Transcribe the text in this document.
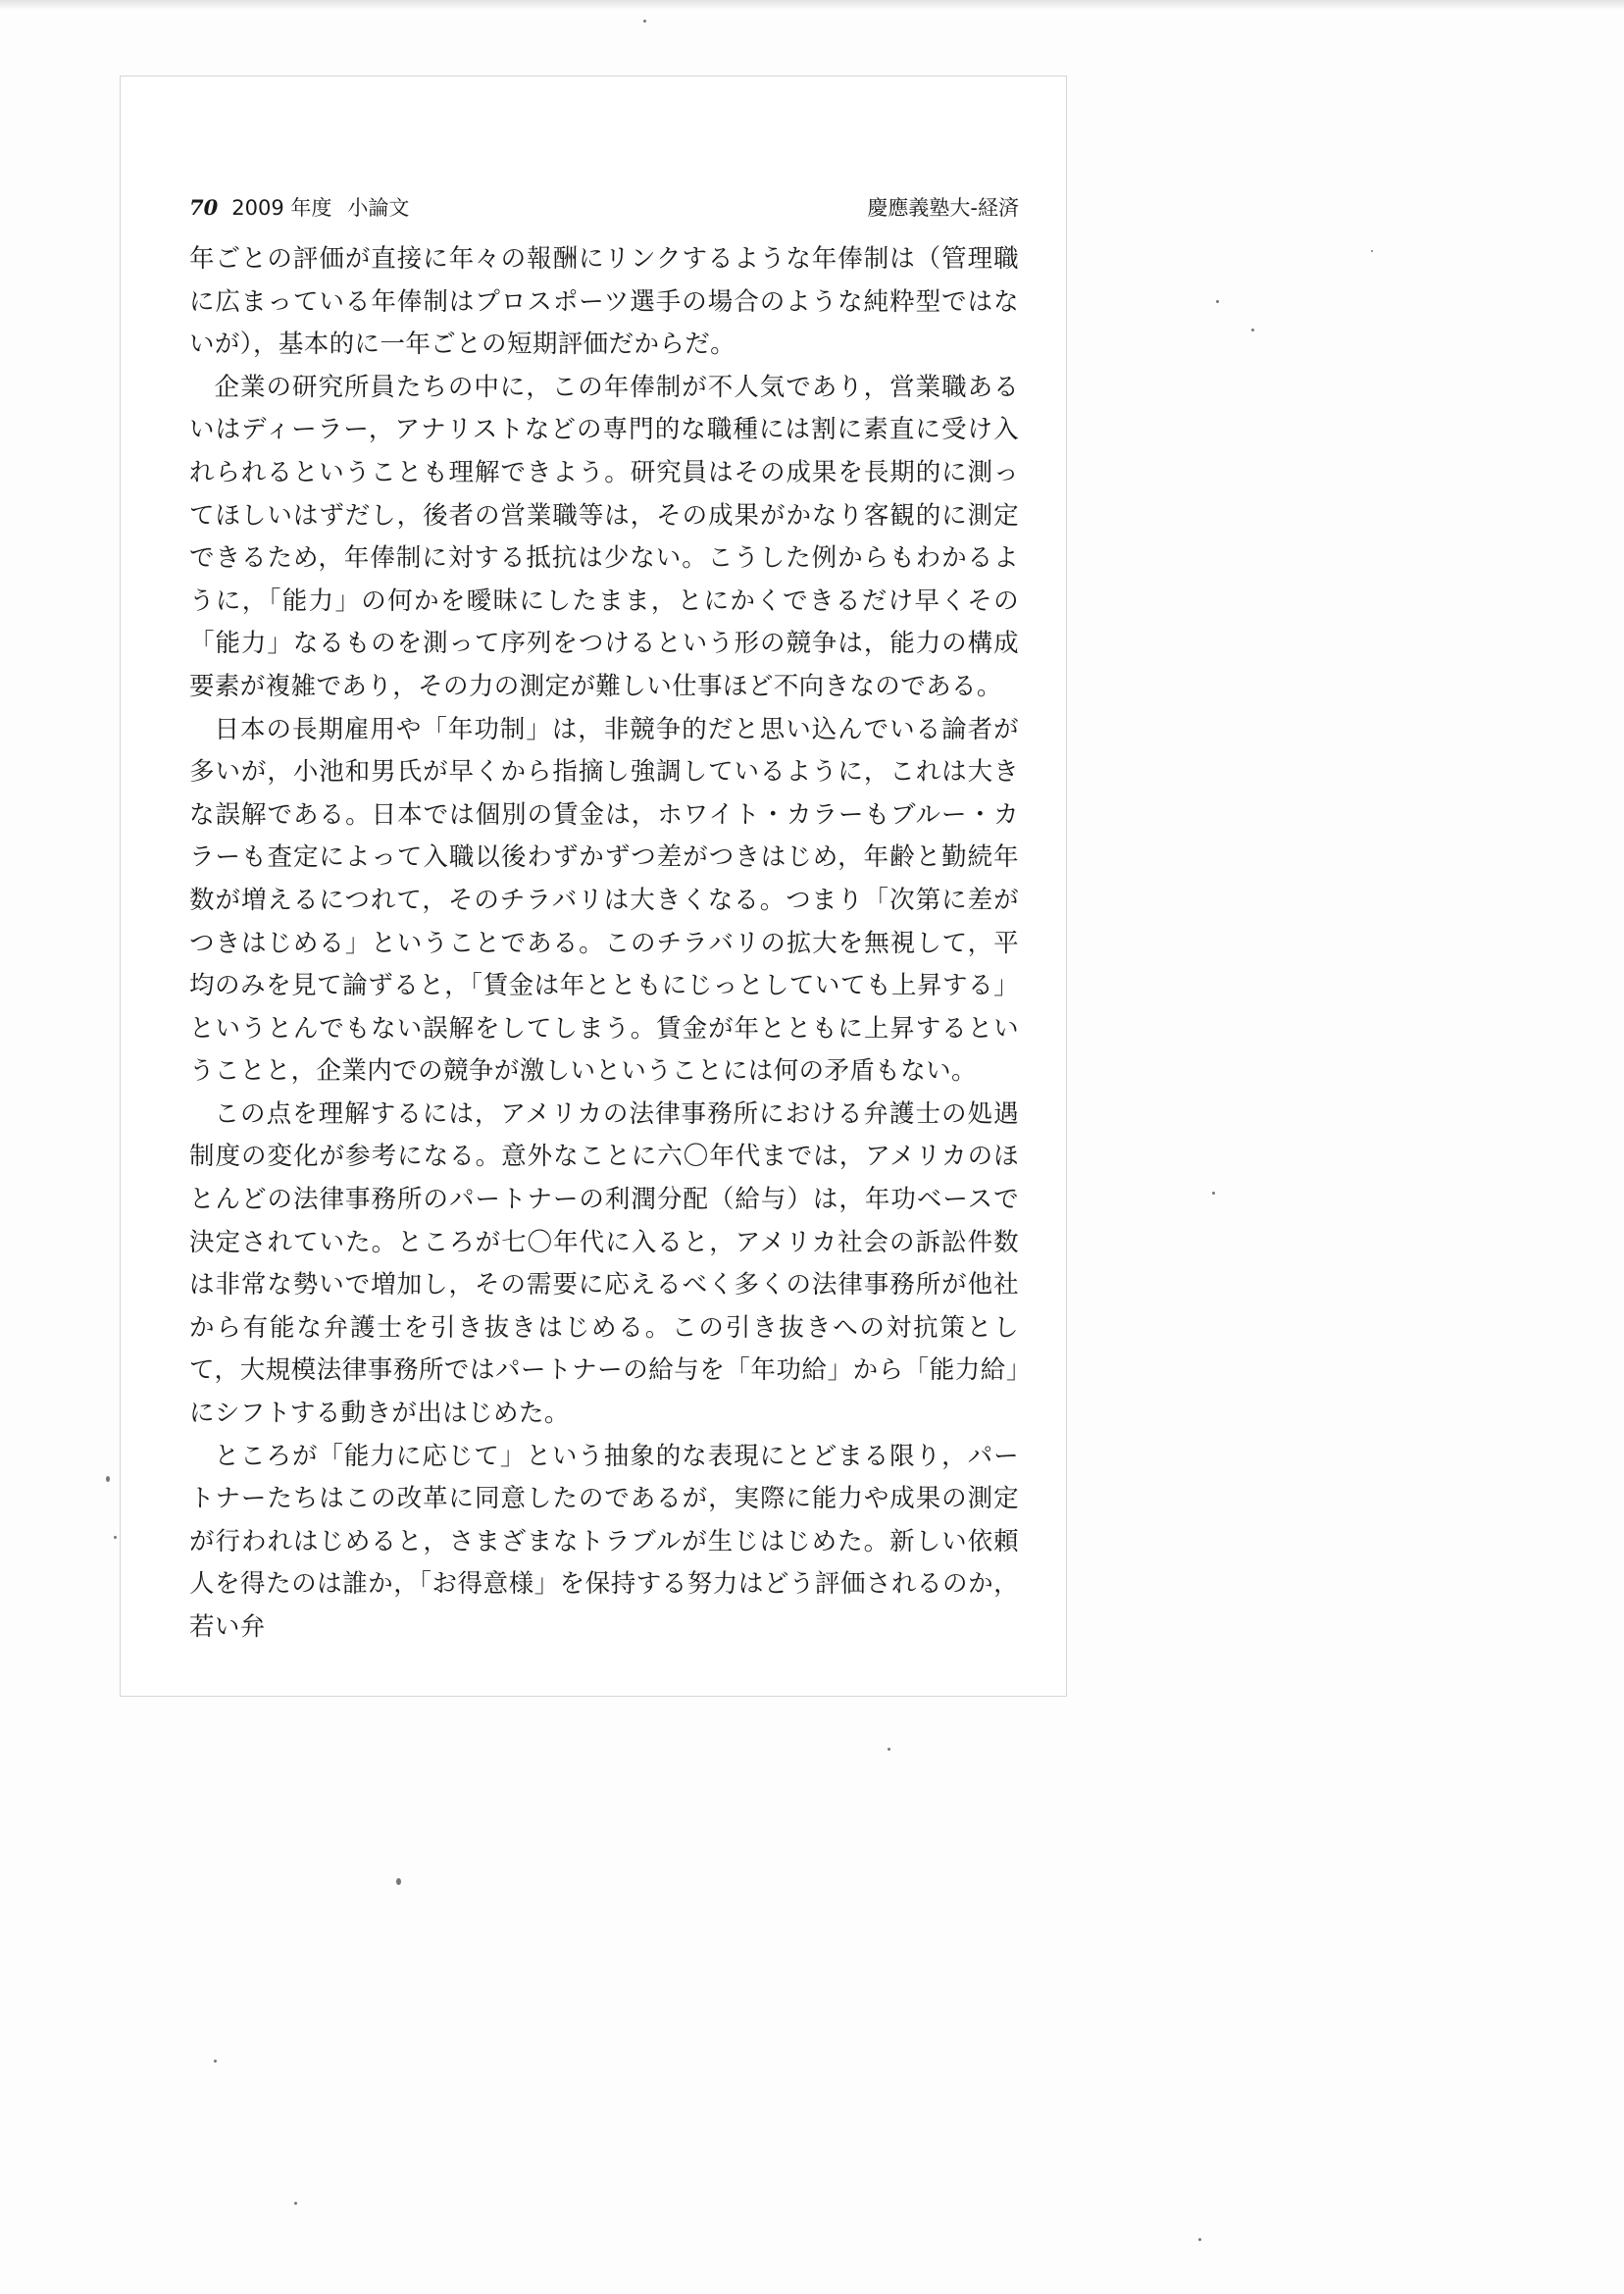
70 2009 年度 小論文	慶應義塾大-経済

年ごとの評価が直接に年々の報酬にリンクするような年俸制は（管理職に広まっている年俸制はプロスポーツ選手の場合のような純粋型ではないが），基本的に一年ごとの短期評価だからだ。

企業の研究所員たちの中に，この年俸制が不人気であり，営業職あるいはディーラー，アナリストなどの専門的な職種には割に素直に受け入れられるということも理解できよう。研究員はその成果を長期的に測ってほしいはずだし，後者の営業職等は，その成果がかなり客観的に測定できるため，年俸制に対する抵抗は少ない。こうした例からもわかるように，「能力」の何かを曖昧にしたまま，とにかくできるだけ早くその「能力」なるものを測って序列をつけるという形の競争は，能力の構成要素が複雑であり，その力の測定が難しい仕事ほど不向きなのである。

日本の長期雇用や「年功制」は，非競争的だと思い込んでいる論者が多いが，小池和男氏が早くから指摘し強調しているように，これは大きな誤解である。日本では個別の賃金は，ホワイト・カラーもブルー・カラーも査定によって入職以後わずかずつ差がつきはじめ，年齢と勤続年数が増えるにつれて，そのチラバリは大きくなる。つまり「次第に差がつきはじめる」ということである。このチラバリの拡大を無視して，平均のみを見て論ずると，「賃金は年とともにじっとしていても上昇する」というとんでもない誤解をしてしまう。賃金が年とともに上昇するということと，企業内での競争が激しいということには何の矛盾もない。

この点を理解するには，アメリカの法律事務所における弁護士の処遇制度の変化が参考になる。意外なことに六〇年代までは，アメリカのほとんどの法律事務所のパートナーの利潤分配（給与）は，年功ベースで決定されていた。ところが七〇年代に入ると，アメリカ社会の訴訟件数は非常な勢いで増加し，その需要に応えるべく多くの法律事務所が他社から有能な弁護士を引き抜きはじめる。この引き抜きへの対抗策として，大規模法律事務所ではパートナーの給与を「年功給」から「能力給」にシフトする動きが出はじめた。

ところが「能力に応じて」という抽象的な表現にとどまる限り，パートナーたちはこの改革に同意したのであるが，実際に能力や成果の測定が行われはじめると，さまざまなトラブルが生じはじめた。新しい依頼人を得たのは誰か，「お得意様」を保持する努力はどう評価されるのか，若い弁
